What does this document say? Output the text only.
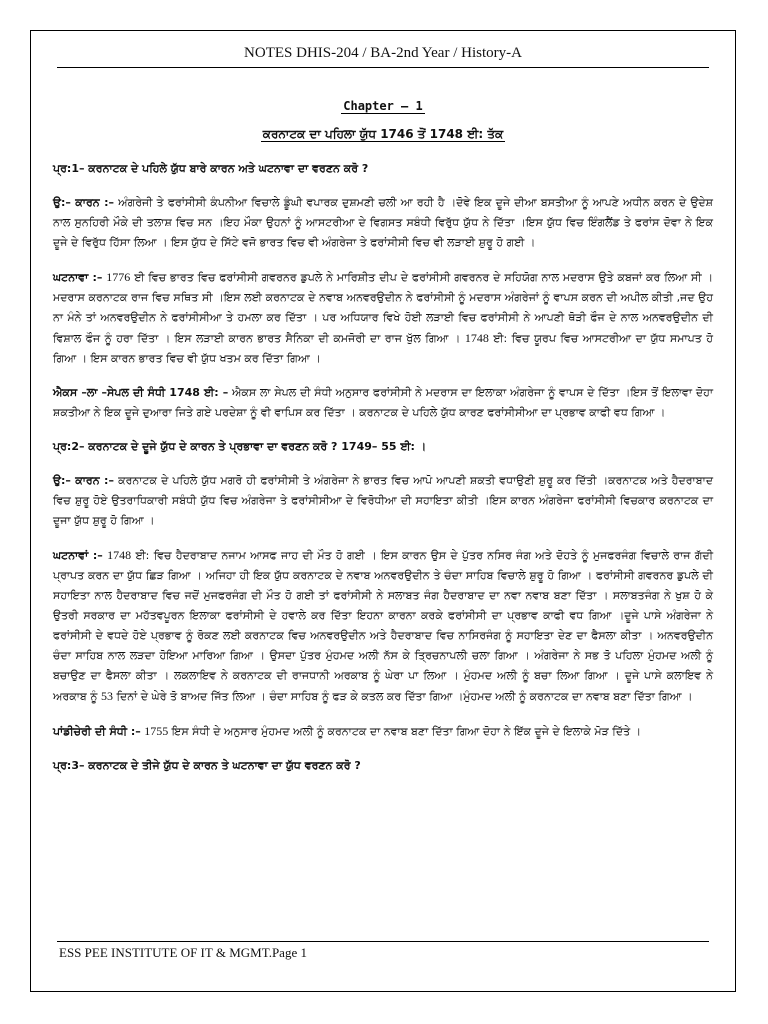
NOTES DHIS-204 / BA-2nd Year / History-A
Chapter – 1
ਕਰਨਾਟਕ ਦਾ ਪਹਿਲਾ ਯੁੱਧ 1746 ਤੋਂ 1748 ਈ: ਤੱਕ

ਪ੍ਰ:1– ਕਰਨਾਟਕ ਦੇ ਪਹਿਲੇ ਯੁੱਧ ਬਾਰੇ ਕਾਰਨ ਅਤੇ ਘਟਨਾਵਾ ਦਾ ਵਰਣਨ ਕਰੋ ?

ਉ:– ਕਾਰਨ :– ਅੰਗਰੇਜੀ ਤੇ ਫਰਾਂਸੀਸੀ ਕੰਪਨੀਆ ਵਿਚਾਲੇ ਡੂੰਘੀ ਵਪਾਰਕ ਦੁਸ਼ਮਣੀ ਚਲੀ ਆ ਰਹੀ ਹੈ ।ਦੋਵੇ ਇਕ ਦੂਜੇ ਦੀਆ ਬਸਤੀਆ ਨੂੰ ਆਪਣੇ ਅਧੀਨ ਕਰਨ ਦੇ ਉਦੇਸ਼ ਨਾਲ ਸੁਨਹਿਰੀ ਮੌਕੇ ਦੀ ਤਲਾਸ਼ ਵਿਚ ਸਨ ।ਇਹ ਮੌਕਾ ਉਹਨਾਂ ਨੂੰ ਆਸਟਰੀਆ ਦੇ ਵਿਗਸਤ ਸਬੰਧੀ ਵਿਰੁੱਧ ਯੁੱਧ ਨੇ ਦਿੱਤਾ ।ਇਸ ਯੁੱਧ ਵਿਚ ਇੰਗਲੈਂਡ ਤੇ ਫਰਾਂਸ ਦੋਵਾ ਨੇ ਇਕ ਦੂਜੇ ਦੇ ਵਿਰੁੱਧ ਹਿੱਸਾ ਲਿਆ । ਇਸ ਯੁੱਧ ਦੇ ਸਿੱਟੇ ਵਜੋ ਭਾਰਤ ਵਿਚ ਵੀ ਅੰਗਰੇਜਾ ਤੇ ਫਰਾਂਸੀਸੀ ਵਿਚ ਵੀ ਲੜਾਈ ਸ਼ੁਰੂ ਹੋ ਗਈ ।

ਘਟਨਾਵਾ :– 1776 ਈ ਵਿਚ ਭਾਰਤ ਵਿਚ ਫਰਾਂਸੀਸੀ ਗਵਰਨਰ ਡੁਪਲੇ ਨੇ ਮਾਰਿਸ਼ੀਤ ਦੀਪ ਦੇ ਫਰਾਂਸੀਸੀ ਗਵਰਨਰ ਦੇ ਸਹਿਯੋਗ ਨਾਲ ਮਦਰਾਸ ਉਤੇ ਕਬਜਾਂ ਕਰ ਲਿਆ ਸੀ ।ਮਦਰਾਸ ਕਰਨਾਟਕ ਰਾਜ ਵਿਚ ਸਥਿਤ ਸੀ ।ਇਸ ਲਈ ਕਰਨਾਟਕ ਦੇ ਨਵਾਬ ਅਨਵਰਉਦੀਨ ਨੇ ਫਰਾਂਸੀਸੀ ਨੂੰ ਮਦਰਾਸ ਅੰਗਰੇਜਾਂ ਨੂੰ ਵਾਪਸ ਕਰਨ ਦੀ ਅਪੀਲ ਕੀਤੀ ,ਜਦ ਉਹ ਨਾ ਮੰਨੇ ਤਾਂ ਅਨਵਰਉਦੀਨ ਨੇ ਫਰਾਂਸੀਸੀਆ ਤੇ ਹਮਲਾ ਕਰ ਦਿੱਤਾ । ਪਰ ਅਧਿਯਾਰ ਵਿਖੇ ਹੋਈ ਲੜਾਈ ਵਿਚ ਫਰਾਂਸੀਸੀ ਨੇ ਆਪਣੀ ਥੋੜੀ ਫੌਜ ਦੇ ਨਾਲ ਅਨਵਰਉਦੀਨ ਦੀ ਵਿਸ਼ਾਲ ਫੌਜ ਨੂੰ ਹਰਾ ਦਿੱਤਾ । ਇਸ ਲੜਾਈ ਕਾਰਨ ਭਾਰਤ ਸੈਨਿਕਾ ਦੀ ਕਮਜੋਰੀ ਦਾ ਰਾਜ ਖੁੱਲ ਗਿਆ । 1748 ਈ: ਵਿਚ ਯੂਰਪ ਵਿਚ ਆਸਟਰੀਆ ਦਾ ਯੁੱਧ ਸਮਾਪਤ ਹੋ ਗਿਆ । ਇਸ ਕਾਰਨ ਭਾਰਤ ਵਿਚ ਵੀ ਯੁੱਧ ਖਤਮ ਕਰ ਦਿੱਤਾ ਗਿਆ ।

ਐਕਸ –ਲਾ –ਸੇਪਲ ਦੀ ਸੰਧੀ 1748 ਈ: – ਐਕਸ ਲਾ ਸੇਪਲ ਦੀ ਸੰਧੀ ਅਨੁਸਾਰ ਫਰਾਂਸੀਸੀ ਨੇ ਮਦਰਾਸ ਦਾ ਇਲਾਕਾ ਅੰਗਰੇਜਾ ਨੂੰ ਵਾਪਸ ਦੇ ਦਿੱਤਾ ।ਇਸ ਤੋਂ ਇਲਾਵਾ ਦੋਹਾ ਸ਼ਕਤੀਆ ਨੇ ਇਕ ਦੂਜੇ ਦੁਆਰਾ ਜਿਤੇ ਗਏ ਪਰਦੇਸ਼ਾ ਨੂੰ ਵੀ ਵਾਪਿਸ ਕਰ ਦਿੱਤਾ । ਕਰਨਾਟਕ ਦੇ ਪਹਿਲੇ ਯੁੱਧ ਕਾਰਣ ਫਰਾਂਸੀਸੀਆ ਦਾ ਪ੍ਰਭਾਵ ਕਾਫੀ ਵਧ ਗਿਆ ।

ਪ੍ਰ:2– ਕਰਨਾਟਕ ਦੇ ਦੂਜੇ ਯੁੱਧ ਦੇ ਕਾਰਨ ਤੇ ਪ੍ਰਭਾਵਾ ਦਾ ਵਰਣਨ ਕਰੋ ? 1749– 55 ਈ: ।

ਉ:– ਕਾਰਨ :– ਕਰਨਾਟਕ ਦੇ ਪਹਿਲੇ ਯੁੱਧ ਮਗਰੋ ਹੀ ਫਰਾਂਸੀਸੀ ਤੇ ਅੰਗਰੇਜਾ ਨੇ ਭਾਰਤ ਵਿਚ ਆਪੋ ਆਪਣੀ ਸ਼ਕਤੀ ਵਧਾਉਣੀ ਸ਼ੁਰੂ ਕਰ ਦਿੱਤੀ ।ਕਰਨਾਟਕ ਅਤੇ ਹੈਦਰਾਬਾਦ ਵਿਚ ਸ਼ੁਰੂ ਹੋਏ ਉਤਰਾਧਿਕਾਰੀ ਸਬੰਧੀ ਯੁੱਧ ਵਿਚ ਅੰਗਰੇਜਾ ਤੇ ਫਰਾਂਸੀਸੀਆ ਦੇ ਵਿਰੋਧੀਆ ਦੀ ਸਹਾਇਤਾ ਕੀਤੀ ।ਇਸ ਕਾਰਨ ਅੰਗਰੇਜਾ ਫਰਾਂਸੀਸੀ ਵਿਚਕਾਰ ਕਰਨਾਟਕ ਦਾ ਦੂਜਾ ਯੁੱਧ ਸ਼ੁਰੂ ਹੋ ਗਿਆ ।

ਘਟਨਾਵਾਂ :– 1748 ਈ: ਵਿਚ ਹੈਦਰਾਬਾਦ ਨਜਾਮ ਆਸਫ ਜਾਹ ਦੀ ਮੌਤ ਹੋ ਗਈ । ਇਸ ਕਾਰਨ ਉਸ ਦੇ ਪੁੱਤਰ ਨਸਿਰ ਜੰਗ ਅਤੇ ਦੋਹਤੇ ਨੂੰ ਮੁਜਫਰਜੰਗ ਵਿਚਾਲੇ ਰਾਜ ਗੱਦੀ ਪ੍ਰਾਪਤ ਕਰਨ ਦਾ ਯੁੱਧ ਛਿੜ ਗਿਆ । ਅਜਿਹਾ ਹੀ ਇਕ ਯੁੱਧ ਕਰਨਾਟਕ ਦੇ ਨਵਾਬ ਅਨਵਰਉਦੀਨ ਤੇ ਚੰਦਾ ਸਾਹਿਬ ਵਿਚਾਲੇ ਸ਼ੁਰੂ ਹੋ ਗਿਆ । ਫਰਾਂਸੀਸੀ ਗਵਰਨਰ ਡੁਪਲੇ ਦੀ ਸਹਾਇਤਾ ਨਾਲ ਹੈਦਰਾਬਾਦ ਵਿਚ ਜਦੋਂ ਮੁਜਫਰਜੰਗ ਦੀ ਮੌਤ ਹੋ ਗਈ ਤਾਂ ਫਰਾਂਸੀਸੀ ਨੇ ਸਲਾਬਤ ਜੰਗ ਹੈਦਰਾਬਾਦ ਦਾ ਨਵਾ ਨਵਾਬ ਬਣਾ ਦਿੱਤਾ । ਸਲਾਬਤਜੰਗ ਨੇ ਖੁਸ਼ ਹੋ ਕੇ ਉਤਰੀ ਸਰਕਾਰ ਦਾ ਮਹੱਤਵਪੂਰਨ ਇਲਾਕਾ ਫਰਾਂਸੀਸੀ ਦੇ ਹਵਾਲੇ ਕਰ ਦਿੱਤਾ ਇਹਨਾ ਕਾਰਨਾ ਕਰਕੇ ਫਰਾਂਸੀਸੀ ਦਾ ਪ੍ਰਭਾਵ ਕਾਫੀ ਵਧ ਗਿਆ ।ਦੂਜੇ ਪਾਸੇ ਅੰਗਰੇਜਾ ਨੇ ਫਰਾਂਸੀਸੀ ਦੇ ਵਧਦੇ ਹੋਏ ਪ੍ਰਭਾਵ ਨੂੰ ਰੋਕਣ ਲਈ ਕਰਨਾਟਕ ਵਿਚ ਅਨਵਰਉਦੀਨ ਅਤੇ ਹੈਦਰਾਬਾਦ ਵਿਚ ਨਾਸਿਰਜੰਗ ਨੂੰ ਸਹਾਇਤਾ ਦੇਣ ਦਾ ਫੈਸਲਾ ਕੀਤਾ । ਅਨਵਰਉਦੀਨ ਚੰਦਾ ਸਾਹਿਬ ਨਾਲ ਲੜਦਾ ਹੋਇਆ ਮਾਰਿਆ ਗਿਆ । ਉਸਦਾ ਪੁੱਤਰ ਮੁੰਹਮਦ ਅਲੀ ਨੱਸ ਕੇ ਤ੍ਰਿਚਨਾਪਲੀ ਚਲਾ ਗਿਆ । ਅੰਗਰੇਜਾ ਨੇ ਸਭ ਤੋ ਪਹਿਲਾ ਮੁੰਹਮਦ ਅਲੀ ਨੂੰ ਬਚਾਉਣ ਦਾ ਫੈਸਲਾ ਕੀਤਾ । ਲਕਲਾਇਵ ਨੇ ਕਰਨਾਟਕ ਦੀ ਰਾਜਧਾਨੀ ਅਰਕਾਬ ਨੂੰ ਘੇਰਾ ਪਾ ਲਿਆ । ਮੁੰਹਮਦ ਅਲੀ ਨੂੰ ਬਚਾ ਲਿਆ ਗਿਆ । ਦੂਜੇ ਪਾਸੇ ਕਲਾਇਵ ਨੇ ਅਰਕਾਬ ਨੂੰ 53 ਦਿਨਾਂ ਦੇ ਘੇਰੇ ਤੋ ਬਾਅਦ ਜਿੱਤ ਲਿਆ । ਚੰਦਾ ਸਾਹਿਬ ਨੂੰ ਫੜ ਕੇ ਕਤਲ ਕਰ ਦਿੱਤਾ ਗਿਆ ।ਮੁੰਹਮਦ ਅਲੀ ਨੂੰ ਕਰਨਾਟਕ ਦਾ ਨਵਾਬ ਬਣਾ ਦਿੱਤਾ ਗਿਆ ।

ਪਾਂਡੀਚੇਰੀ ਦੀ ਸੰਧੀ :– 1755 ਇਸ ਸੰਧੀ ਦੇ ਅਨੁਸਾਰ ਮੁੰਹਮਦ ਅਲੀ ਨੂੰ ਕਰਨਾਟਕ ਦਾ ਨਵਾਬ ਬਣਾ ਦਿੱਤਾ ਗਿਆ ਦੋਹਾ ਨੇ ਇੱਕ ਦੂਜੇ ਦੇ ਇਲਾਕੇ ਮੋੜ ਦਿੱਤੇ ।

ਪ੍ਰ:3– ਕਰਨਾਟਕ ਦੇ ਤੀਜੇ ਯੁੱਧ ਦੇ ਕਾਰਨ ਤੇ ਘਟਨਾਵਾ ਦਾ ਯੁੱਧ ਵਰਣਨ ਕਰੋ ?

ESS PEE INSTITUTE OF IT & MGMT.Page 1
